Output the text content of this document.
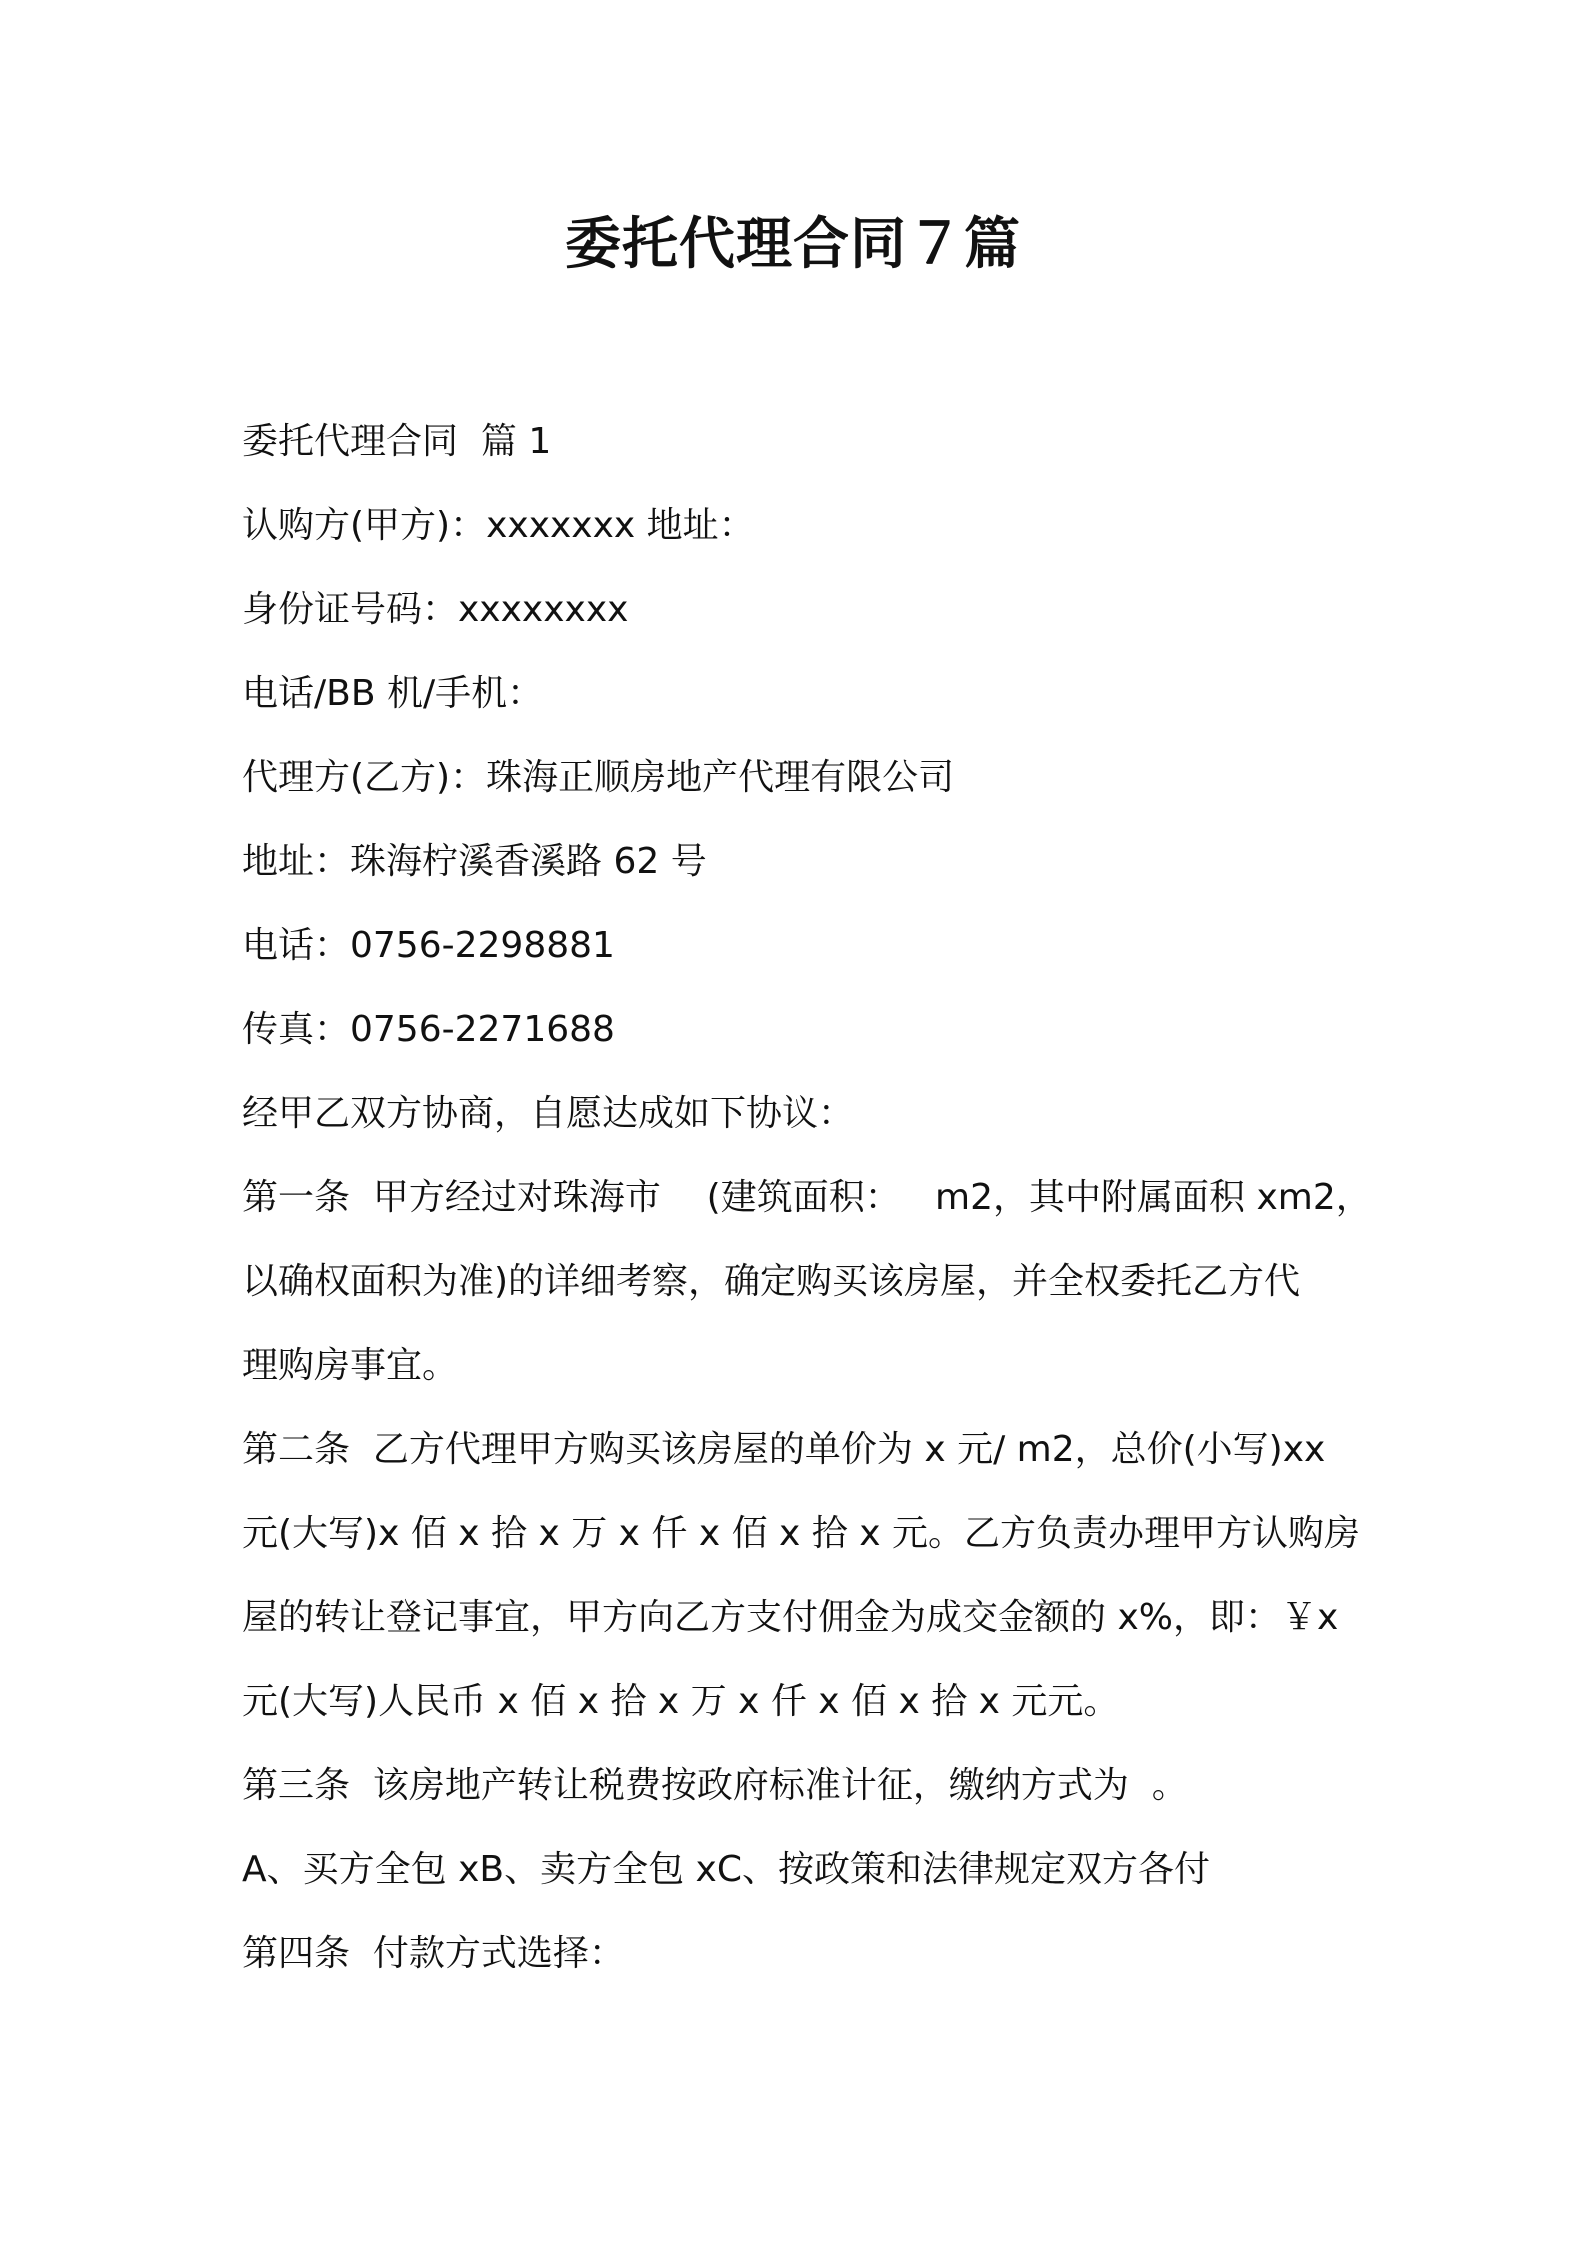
委托代理合同７篇
委托代理合同  篇 1
认购方(甲方)：xxxxxxx 地址：
身份证号码：xxxxxxxx
电话/BB 机/手机：
代理方(乙方)：珠海正顺房地产代理有限公司
地址：珠海柠溪香溪路 62 号
电话：0756-2298881
传真：0756-2271688
经甲乙双方协商，自愿达成如下协议：
第一条  甲方经过对珠海市    (建筑面积：   m2，其中附属面积 xm2，
以确权面积为准)的详细考察，确定购买该房屋，并全权委托乙方代
理购房事宜。
第二条  乙方代理甲方购买该房屋的单价为 x 元/ m2，总价(小写)xx
元(大写)x 佰 x 拾 x 万 x 仟 x 佰 x 拾 x 元。乙方负责办理甲方认购房
屋的转让登记事宜，甲方向乙方支付佣金为成交金额的 x%，即：￥x
元(大写)人民币 x 佰 x 拾 x 万 x 仟 x 佰 x 拾 x 元元。
第三条  该房地产转让税费按政府标准计征，缴纳方式为  。
A、买方全包 xB、卖方全包 xC、按政策和法律规定双方各付
第四条  付款方式选择：
